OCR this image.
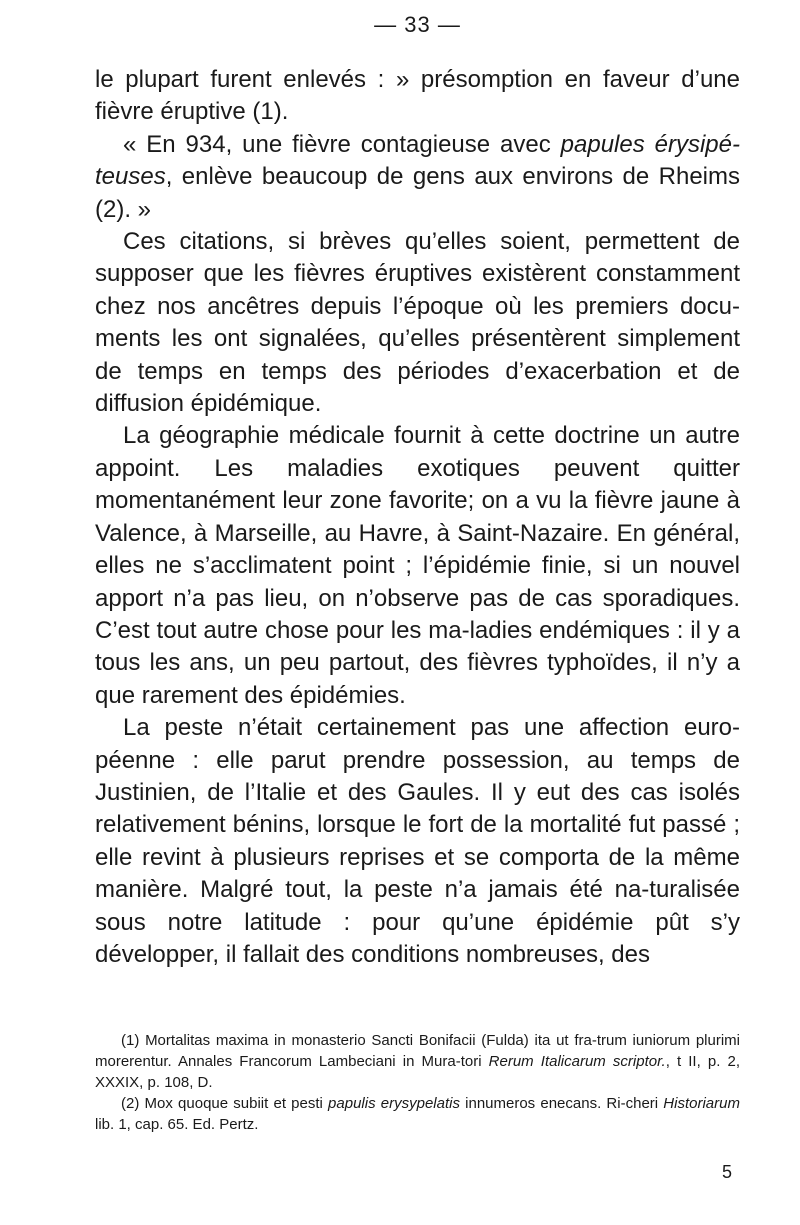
— 33 —

le plupart furent enlevés : » présomption en faveur d’une fièvre éruptive (1).

« En 934, une fièvre contagieuse avec papules érysipé-teuses, enlève beaucoup de gens aux environs de Rheims (2). »

Ces citations, si brèves qu’elles soient, permettent de supposer que les fièvres éruptives existèrent constamment chez nos ancêtres depuis l’époque où les premiers docu-ments les ont signalées, qu’elles présentèrent simplement de temps en temps des périodes d’exacerbation et de diffusion épidémique.

La géographie médicale fournit à cette doctrine un autre appoint. Les maladies exotiques peuvent quitter momentanément leur zone favorite; on a vu la fièvre jaune à Valence, à Marseille, au Havre, à Saint-Nazaire. En général, elles ne s’acclimatent point ; l’épidémie finie, si un nouvel apport n’a pas lieu, on n’observe pas de cas sporadiques. C’est tout autre chose pour les ma-ladies endémiques : il y a tous les ans, un peu partout, des fièvres typhoïdes, il n’y a que rarement des épidémies.

La peste n’était certainement pas une affection euro-péenne : elle parut prendre possession, au temps de Justinien, de l’Italie et des Gaules. Il y eut des cas isolés relativement bénins, lorsque le fort de la mortalité fut passé ; elle revint à plusieurs reprises et se comporta de la même manière. Malgré tout, la peste n’a jamais été na-turalisée sous notre latitude : pour qu’une épidémie pût s’y développer, il fallait des conditions nombreuses, des

(1) Mortalitas maxima in monasterio Sancti Bonifacii (Fulda) ita ut fra-trum iuniorum plurimi morerentur. Annales Francorum Lambeciani in Mura-tori Rerum Italicarum scriptor., t II, p. 2, XXXIX, p. 108, D.

(2) Mox quoque subiit et pesti papulis erysypelatis innumeros enecans. Ri-cheri Historiarum lib. 1, cap. 65. Ed. Pertz.

5
